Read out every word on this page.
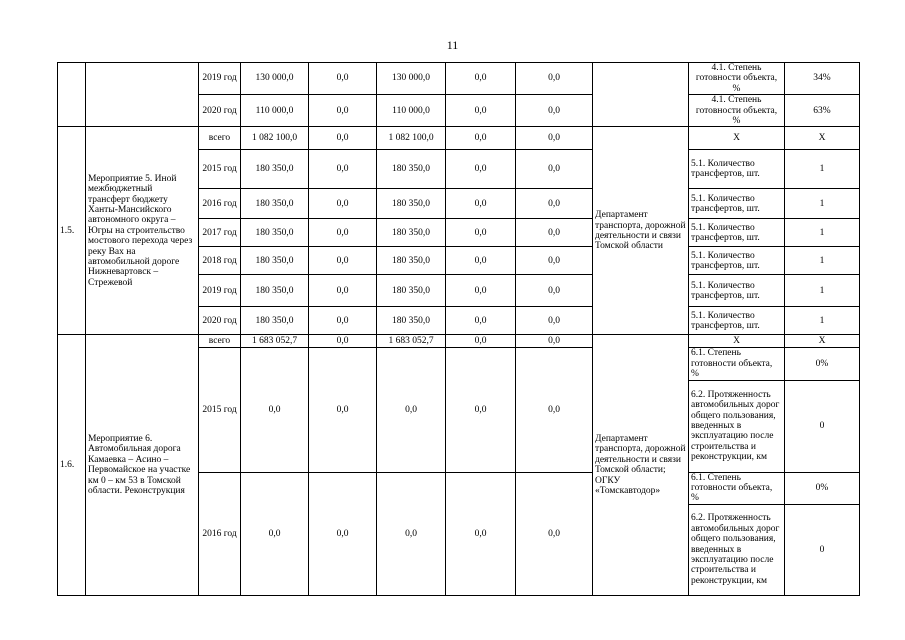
11
		2019 год	130 000,0	0,0	130 000,0	0,0	0,0		4.1. Степень готовности объекта, %	34%
		2020 год	110 000,0	0,0	110 000,0	0,0	0,0		4.1. Степень готовности объекта, %	63%
1.5.	Мероприятие 5. Иной межбюджетный трансферт бюджету Ханты-Мансийского автономного округа – Югры на строительство мостового перехода через реку Вах на автомобильной дороге Нижневартовск – Стрежевой	всего	1 082 100,0	0,0	1 082 100,0	0,0	0,0	Департамент транспорта, дорожной деятельности и связи Томской области	Х	Х
		2015 год	180 350,0	0,0	180 350,0	0,0	0,0		5.1. Количество трансфертов, шт.	1
		2016 год	180 350,0	0,0	180 350,0	0,0	0,0		5.1. Количество трансфертов, шт.	1
		2017 год	180 350,0	0,0	180 350,0	0,0	0,0		5.1. Количество трансфертов, шт.	1
		2018 год	180 350,0	0,0	180 350,0	0,0	0,0		5.1. Количество трансфертов, шт.	1
		2019 год	180 350,0	0,0	180 350,0	0,0	0,0		5.1. Количество трансфертов, шт.	1
		2020 год	180 350,0	0,0	180 350,0	0,0	0,0		5.1. Количество трансфертов, шт.	1
1.6.	Мероприятие 6. Автомобильная дорога Камаевка – Асино – Первомайское на участке км 0 – км 53 в Томской области. Реконструкция	всего	1 683 052,7	0,0	1 683 052,7	0,0	0,0	Департамент транспорта, дорожной деятельности и связи Томской области; ОГКУ «Томскавтодор»	Х	Х
		2015 год	0,0	0,0	0,0	0,0	0,0		6.1. Степень готовности объекта, %	0%
									6.2. Протяженность автомобильных дорог общего пользования, введенных в эксплуатацию после строительства и реконструкции, км	0
		2016 год	0,0	0,0	0,0	0,0	0,0		6.1. Степень готовности объекта, %	0%
									6.2. Протяженность автомобильных дорог общего пользования, введенных в эксплуатацию после строительства и реконструкции, км	0
